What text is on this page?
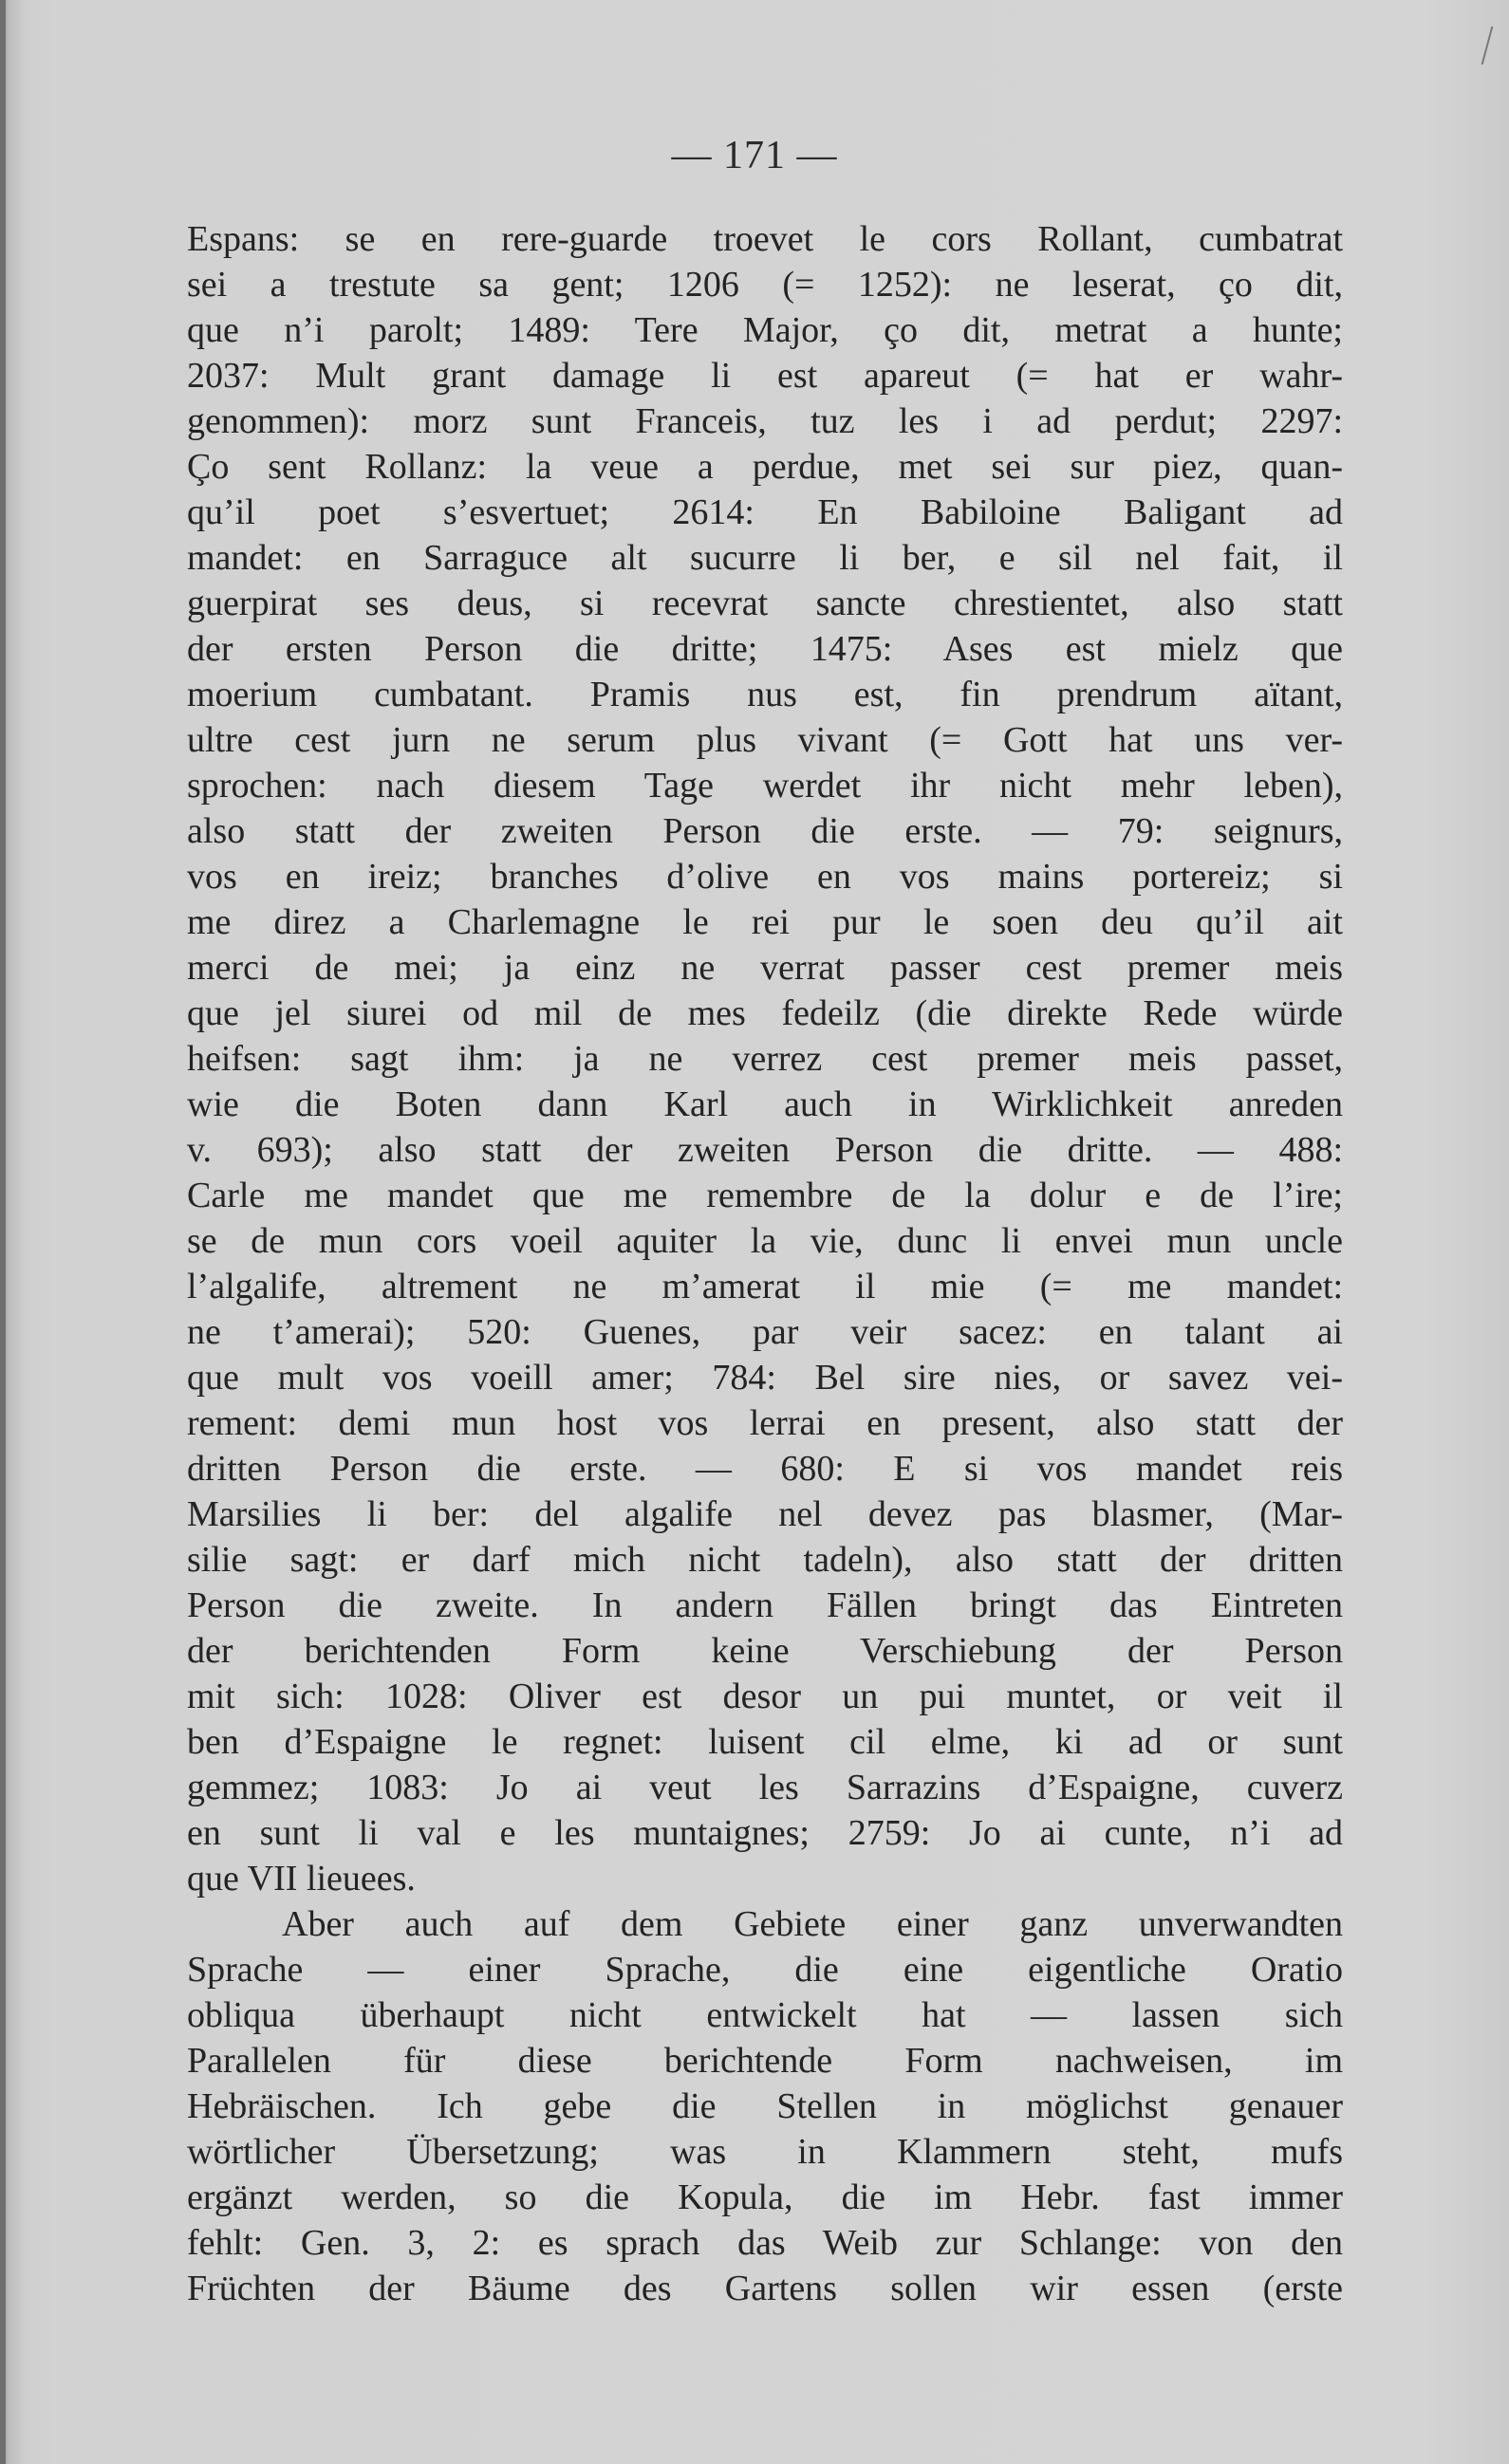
— 171 —
Espans: se en rere-guarde troevet le cors Rollant, cumbatrat
sei a trestute sa gent; 1206 (= 1252): ne leserat, ço dit,
que n’i parolt; 1489: Tere Major, ço dit, metrat a hunte;
2037: Mult grant damage li est apareut (= hat er wahr-
genommen): morz sunt Franceis, tuz les i ad perdut; 2297:
Ço sent Rollanz: la veue a perdue, met sei sur piez, quan-
qu’il poet s’esvertuet; 2614: En Babiloine Baligant ad
mandet: en Sarraguce alt sucurre li ber, e sil nel fait, il
guerpirat ses deus, si recevrat sancte chrestientet, also statt
der ersten Person die dritte; 1475: Ases est mielz que
moerium cumbatant. Pramis nus est, fin prendrum aïtant,
ultre cest jurn ne serum plus vivant (= Gott hat uns ver-
sprochen: nach diesem Tage werdet ihr nicht mehr leben),
also statt der zweiten Person die erste. — 79: seignurs,
vos en ireiz; branches d’olive en vos mains portereiz; si
me direz a Charlemagne le rei pur le soen deu qu’il ait
merci de mei; ja einz ne verrat passer cest premer meis
que jel siurei od mil de mes fedeilz (die direkte Rede würde
heifsen: sagt ihm: ja ne verrez cest premer meis passet,
wie die Boten dann Karl auch in Wirklichkeit anreden
v. 693); also statt der zweiten Person die dritte. — 488:
Carle me mandet que me remembre de la dolur e de l’ire;
se de mun cors voeil aquiter la vie, dunc li envei mun uncle
l’algalife, altrement ne m’amerat il mie (= me mandet:
ne t’amerai); 520: Guenes, par veir sacez: en talant ai
que mult vos voeill amer; 784: Bel sire nies, or savez vei-
rement: demi mun host vos lerrai en present, also statt der
dritten Person die erste. — 680: E si vos mandet reis
Marsilies li ber: del algalife nel devez pas blasmer, (Mar-
silie sagt: er darf mich nicht tadeln), also statt der dritten
Person die zweite. In andern Fällen bringt das Eintreten
der berichtenden Form keine Verschiebung der Person
mit sich: 1028: Oliver est desor un pui muntet, or veit il
ben d’Espaigne le regnet: luisent cil elme, ki ad or sunt
gemmez; 1083: Jo ai veut les Sarrazins d’Espaigne, cuverz
en sunt li val e les muntaignes; 2759: Jo ai cunte, n’i ad
que VII lieuees.
Aber auch auf dem Gebiete einer ganz unverwandten
Sprache — einer Sprache, die eine eigentliche Oratio
obliqua überhaupt nicht entwickelt hat — lassen sich
Parallelen für diese berichtende Form nachweisen, im
Hebräischen. Ich gebe die Stellen in möglichst genauer
wörtlicher Übersetzung; was in Klammern steht, mufs
ergänzt werden, so die Kopula, die im Hebr. fast immer
fehlt: Gen. 3, 2: es sprach das Weib zur Schlange: von den
Früchten der Bäume des Gartens sollen wir essen (erste
